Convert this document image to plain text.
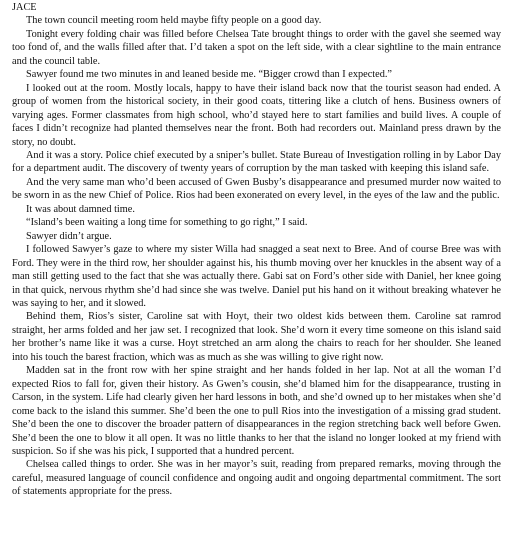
JACE

The town council meeting room held maybe fifty people on a good day.

Tonight every folding chair was filled before Chelsea Tate brought things to order with the gavel she seemed way too fond of, and the walls filled after that. I’d taken a spot on the left side, with a clear sightline to the main entrance and the council table.

Sawyer found me two minutes in and leaned beside me. “Bigger crowd than I expected.”

I looked out at the room. Mostly locals, happy to have their island back now that the tourist season had ended. A group of women from the historical society, in their good coats, tittering like a clutch of hens. Business owners of varying ages. Former classmates from high school, who’d stayed here to start families and build lives. A couple of faces I didn’t recognize had planted themselves near the front. Both had recorders out. Mainland press drawn by the story, no doubt.

And it was a story. Police chief executed by a sniper’s bullet. State Bureau of Investigation rolling in by Labor Day for a department audit. The discovery of twenty years of corruption by the man tasked with keeping this island safe.

And the very same man who’d been accused of Gwen Busby’s disappearance and presumed murder now waited to be sworn in as the new Chief of Police. Rios had been exonerated on every level, in the eyes of the law and the public.

It was about damned time.

“Island’s been waiting a long time for something to go right,” I said.

Sawyer didn’t argue.

I followed Sawyer’s gaze to where my sister Willa had snagged a seat next to Bree. And of course Bree was with Ford. They were in the third row, her shoulder against his, his thumb moving over her knuckles in the absent way of a man still getting used to the fact that she was actually there. Gabi sat on Ford’s other side with Daniel, her knee going in that quick, nervous rhythm she’d had since she was twelve. Daniel put his hand on it without breaking whatever he was saying to her, and it slowed.

Behind them, Rios’s sister, Caroline sat with Hoyt, their two oldest kids between them. Caroline sat ramrod straight, her arms folded and her jaw set. I recognized that look. She’d worn it every time someone on this island said her brother’s name like it was a curse. Hoyt stretched an arm along the chairs to reach for her shoulder. She leaned into his touch the barest fraction, which was as much as she was willing to give right now.

Madden sat in the front row with her spine straight and her hands folded in her lap. Not at all the woman I’d expected Rios to fall for, given their history. As Gwen’s cousin, she’d blamed him for the disappearance, trusting in Carson, in the system. Life had clearly given her hard lessons in both, and she’d owned up to her mistakes when she’d come back to the island this summer. She’d been the one to pull Rios into the investigation of a missing grad student. She’d been the one to discover the broader pattern of disappearances in the region stretching back well before Gwen. She’d been the one to blow it all open. It was no little thanks to her that the island no longer looked at my friend with suspicion. So if she was his pick, I supported that a hundred percent.

Chelsea called things to order. She was in her mayor’s suit, reading from prepared remarks, moving through the careful, measured language of council confidence and ongoing audit and ongoing departmental commitment. The sort of statements appropriate for the press.
